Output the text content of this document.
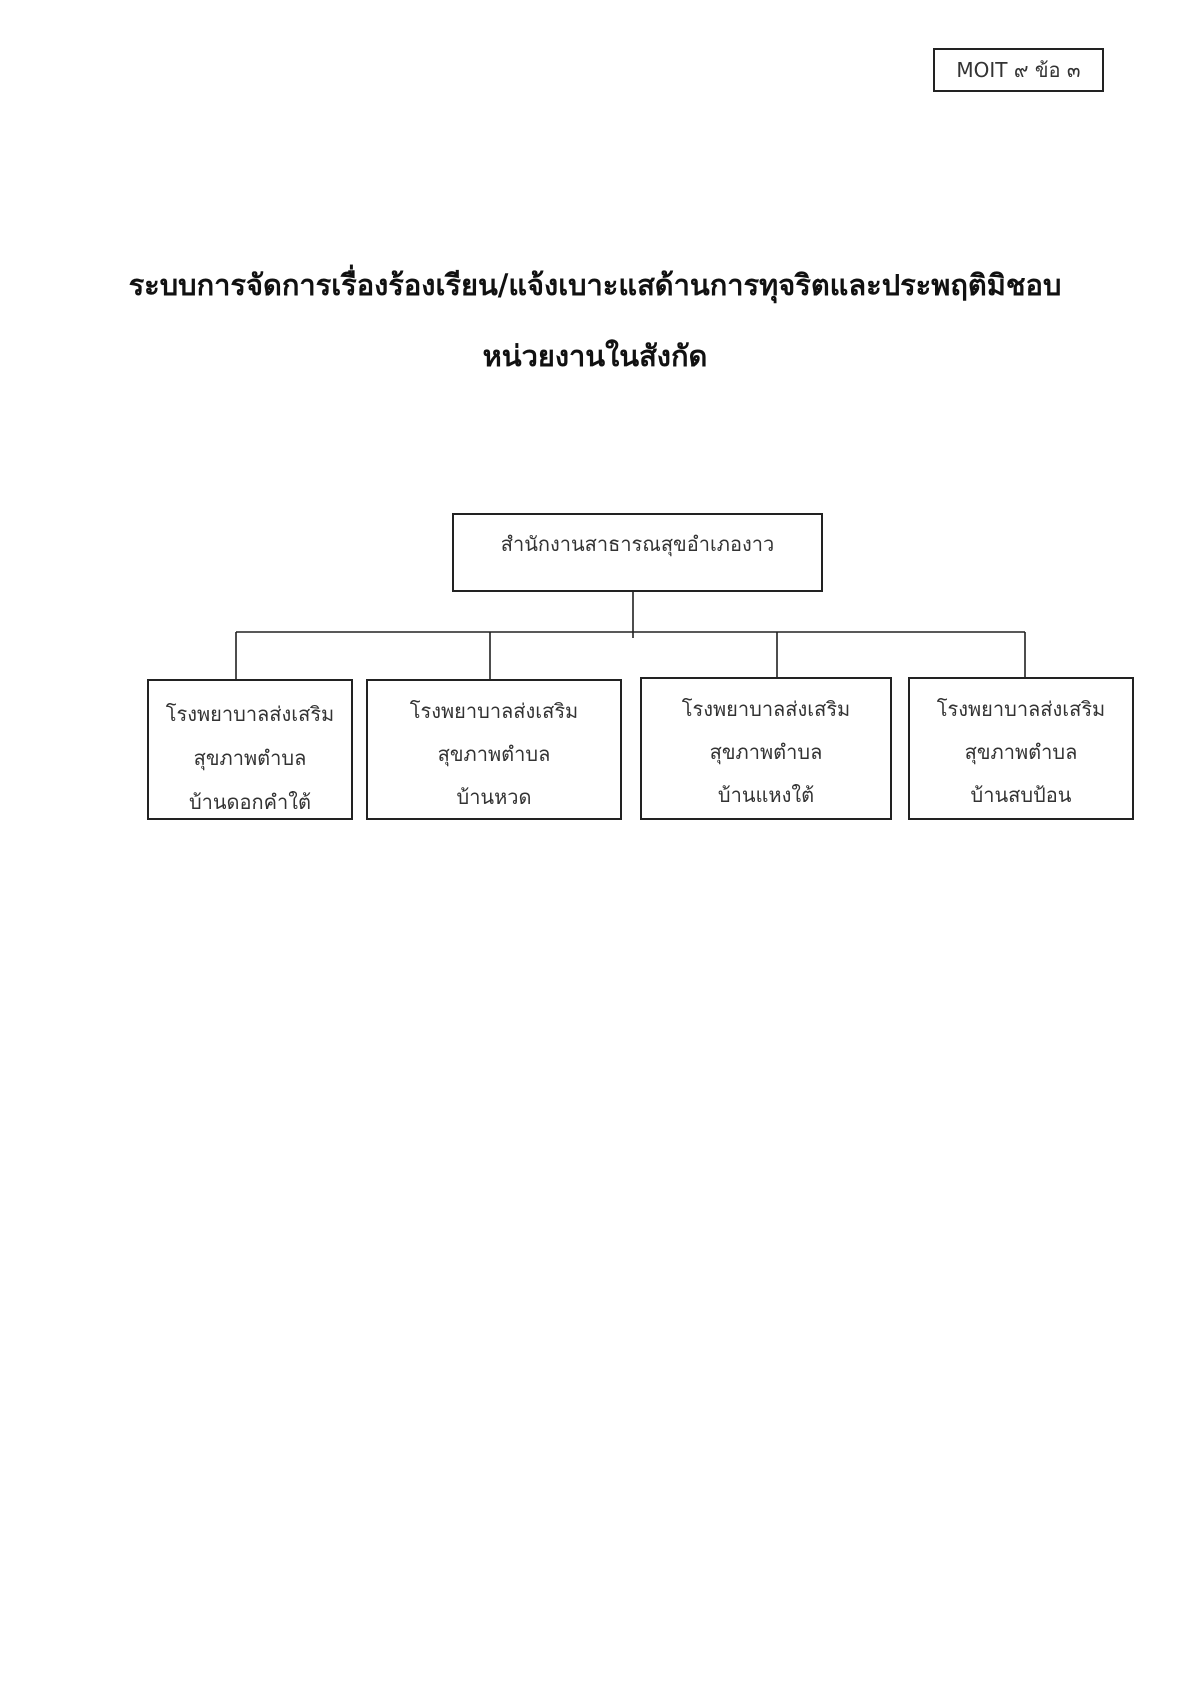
MOIT ๙ ข้อ ๓
ระบบการจัดการเรื่องร้องเรียน/แจ้งเบาะแสด้านการทุจริตและประพฤติมิชอบ
หน่วยงานในสังกัด
สำนักงานสาธารณสุขอำเภองาว
โรงพยาบาลส่งเสริม
สุขภาพตำบล
บ้านดอกคำใต้
โรงพยาบาลส่งเสริม
สุขภาพตำบล
บ้านหวด
โรงพยาบาลส่งเสริม
สุขภาพตำบล
บ้านแหงใต้
โรงพยาบาลส่งเสริม
สุขภาพตำบล
บ้านสบป้อน
